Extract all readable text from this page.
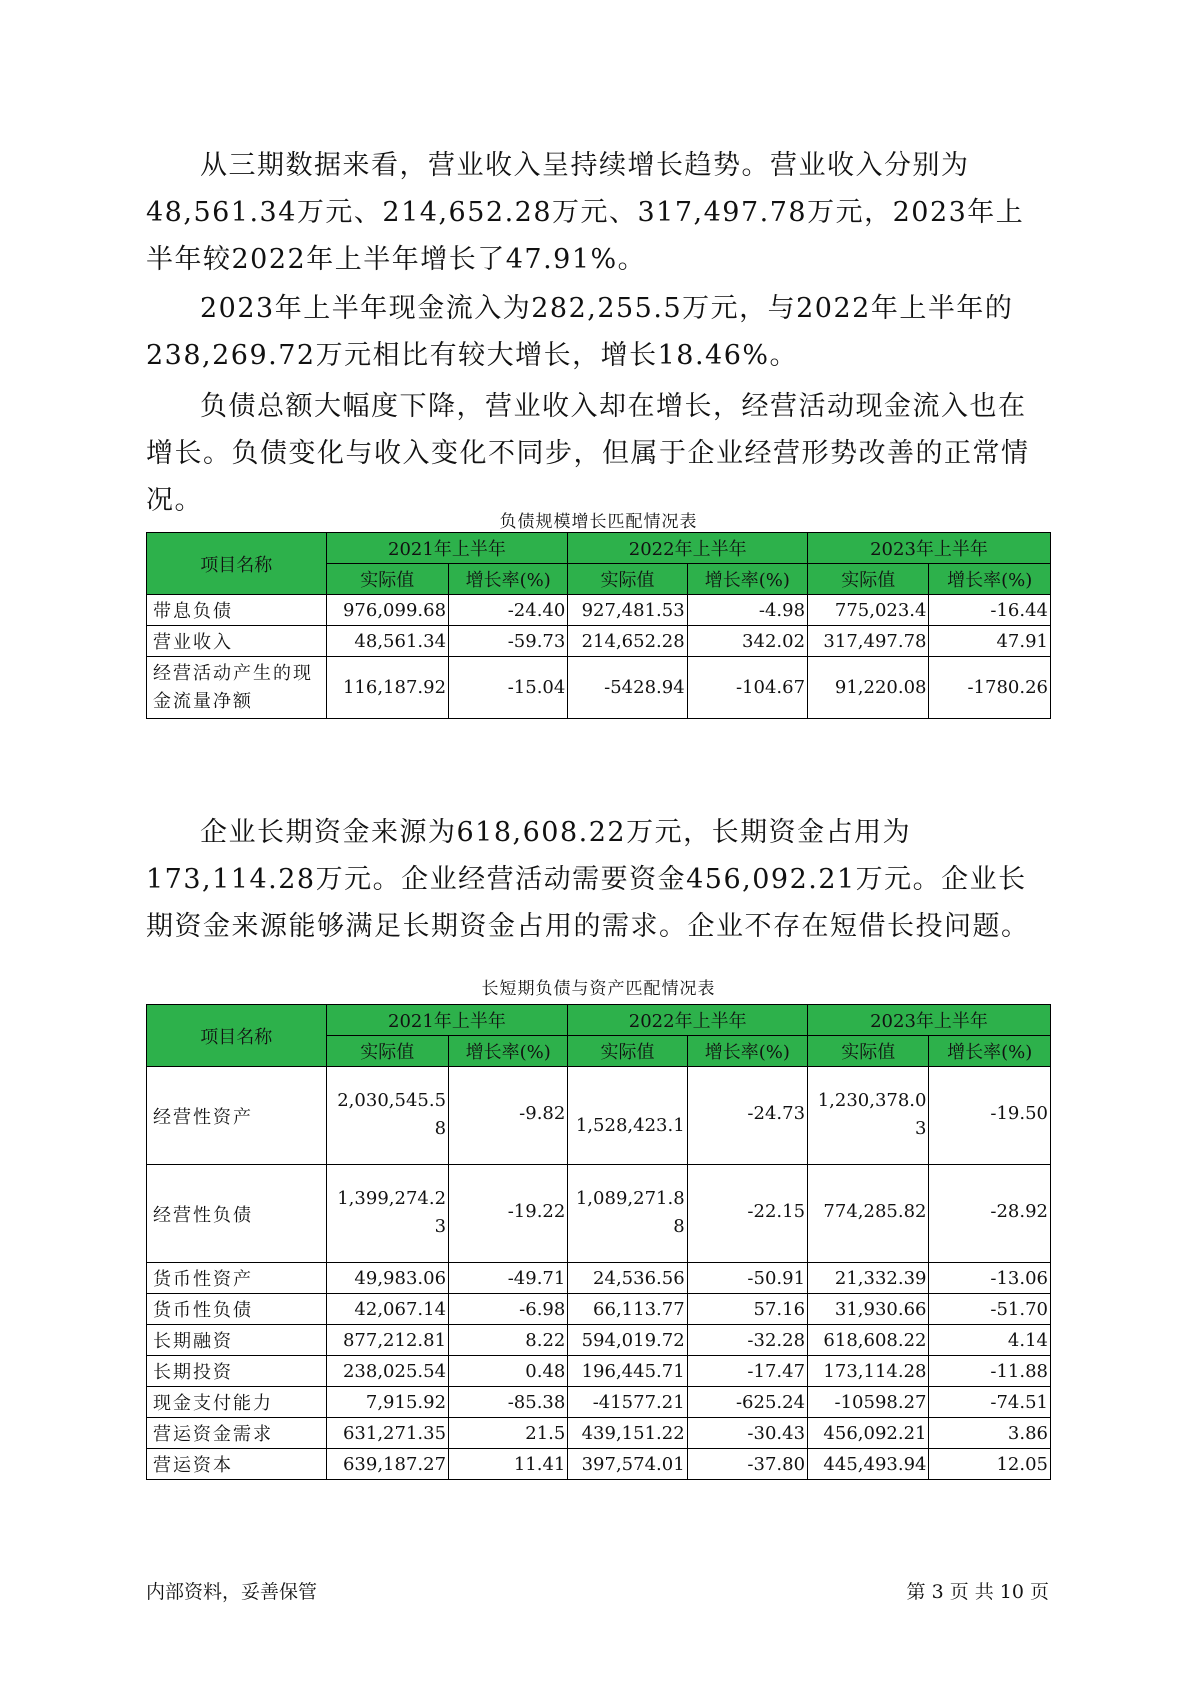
从三期数据来看，营业收入呈持续增长趋势。营业收入分别为48,561.34万元、214,652.28万元、317,497.78万元，2023年上半年较2022年上半年增长了47.91%。

2023年上半年现金流入为282,255.5万元，与2022年上半年的238,269.72万元相比有较大增长，增长18.46%。

负债总额大幅度下降，营业收入却在增长，经营活动现金流入也在增长。负债变化与收入变化不同步，但属于企业经营形势改善的正常情况。

负债规模增长匹配情况表
项目名称	2021年上半年		2022年上半年		2023年上半年	
	实际值	增长率(%)	实际值	增长率(%)	实际值	增长率(%)
带息负债	976,099.68	-24.40	927,481.53	-4.98	775,023.4	-16.44
营业收入	48,561.34	-59.73	214,652.28	342.02	317,497.78	47.91
经营活动产生的现金流量净额	116,187.92	-15.04	-5428.94	-104.67	91,220.08	-1780.26

企业长期资金来源为618,608.22万元，长期资金占用为173,114.28万元。企业经营活动需要资金456,092.21万元。企业长期资金来源能够满足长期资金占用的需求。企业不存在短借长投问题。

长短期负债与资产匹配情况表
项目名称	2021年上半年		2022年上半年		2023年上半年	
	实际值	增长率(%)	实际值	增长率(%)	实际值	增长率(%)
经营性资产	2,030,545.58	-9.82	1,528,423.1	-24.73	1,230,378.03	-19.50
经营性负债	1,399,274.23	-19.22	1,089,271.88	-22.15	774,285.82	-28.92
货币性资产	49,983.06	-49.71	24,536.56	-50.91	21,332.39	-13.06
货币性负债	42,067.14	-6.98	66,113.77	57.16	31,930.66	-51.70
长期融资	877,212.81	8.22	594,019.72	-32.28	618,608.22	4.14
长期投资	238,025.54	0.48	196,445.71	-17.47	173,114.28	-11.88
现金支付能力	7,915.92	-85.38	-41577.21	-625.24	-10598.27	-74.51
营运资金需求	631,271.35	21.5	439,151.22	-30.43	456,092.21	3.86
营运资本	639,187.27	11.41	397,574.01	-37.80	445,493.94	12.05
内部资料，妥善保管	第 3 页 共 10 页
